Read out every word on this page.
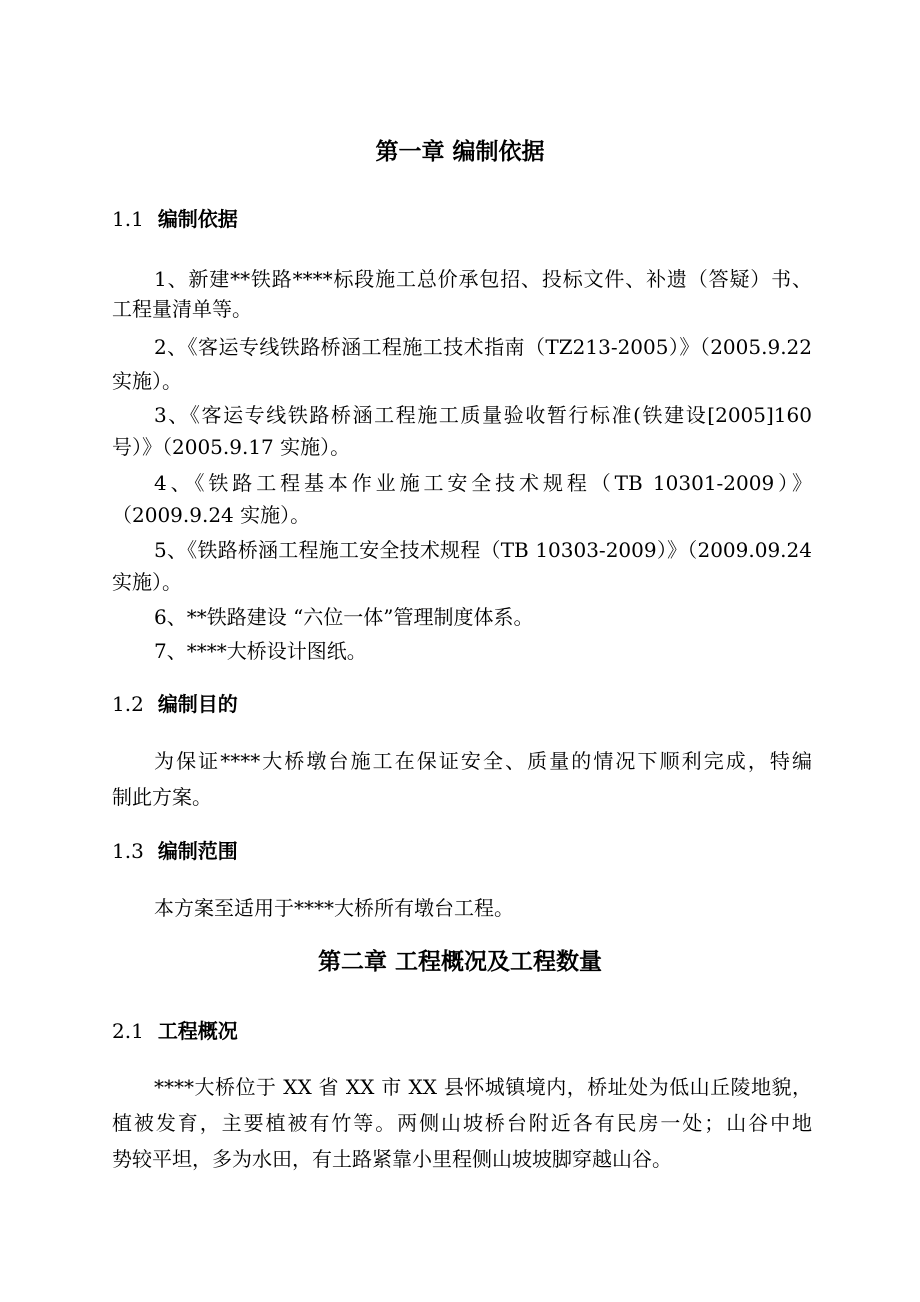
第一章 编制依据
1.1 编制依据
1、新建**铁路****标段施工总价承包招、投标文件、补遗（答疑）书、
工程量清单等。
2、《客运专线铁路桥涵工程施工技术指南（TZ213-2005）》（2005.9.22
实施）。
3、《客运专线铁路桥涵工程施工质量验收暂行标准(铁建设[2005]160
号）》（2005.9.17 实施）。
4、《铁路工程基本作业施工安全技术规程（TB 10301-2009）》
（2009.9.24 实施）。
5、《铁路桥涵工程施工安全技术规程（TB 10303-2009）》（2009.09.24
实施）。
6、**铁路建设 “六位一体”管理制度体系。
7、****大桥设计图纸。
1.2 编制目的
为保证****大桥墩台施工在保证安全、质量的情况下顺利完成，特编
制此方案。
1.3 编制范围
本方案至适用于****大桥所有墩台工程。
第二章 工程概况及工程数量
2.1 工程概况
****大桥位于 XX 省 XX 市 XX 县怀城镇境内，桥址处为低山丘陵地貌，
植被发育，主要植被有竹等。两侧山坡桥台附近各有民房一处；山谷中地
势较平坦，多为水田，有土路紧靠小里程侧山坡坡脚穿越山谷。
